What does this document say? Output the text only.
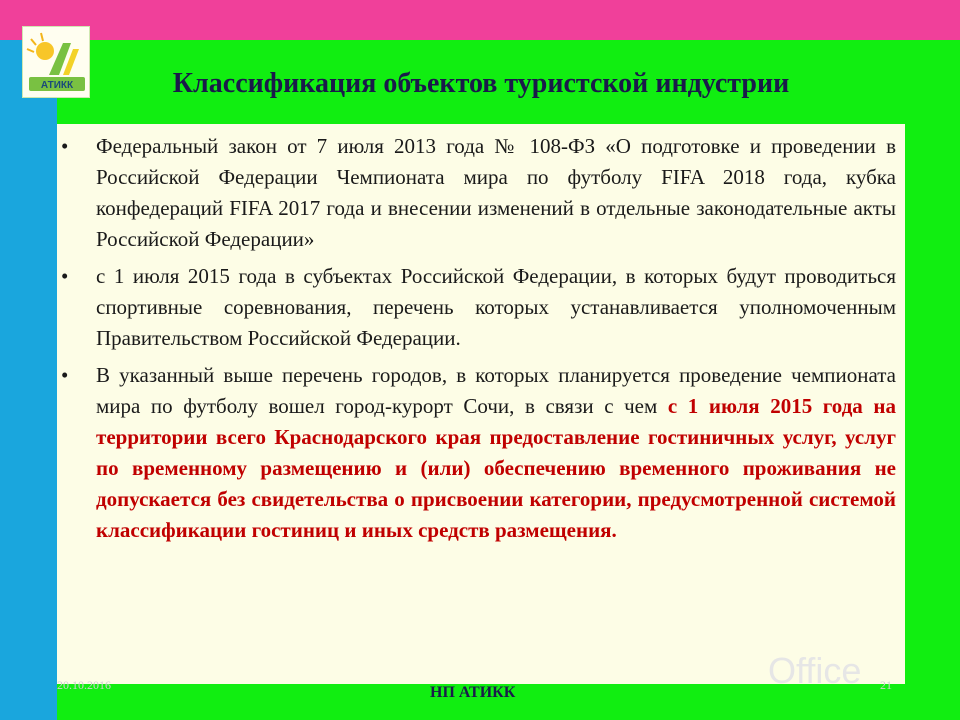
АТИКК	Классификация объектов туристской индустрии
• Федеральный закон от 7 июля 2013 года № 108-ФЗ «О подготовке и проведении в Российской Федерации Чемпионата мира по футболу FIFA 2018 года, кубка конфедераций FIFA 2017 года и внесении изменений в отдельные законодательные акты Российской Федерации»
• с 1 июля 2015 года в субъектах Российской Федерации, в которых будут проводиться спортивные соревнования, перечень которых устанавливается уполномоченным Правительством Российской Федерации.
• В указанный выше перечень городов, в которых планируется проведение чемпионата мира по футболу вошел город-курорт Сочи, в связи с чем с 1 июля 2015 года на территории всего Краснодарского края предоставление гостиничных услуг, услуг по временному размещению и (или) обеспечению временного проживания не допускается без свидетельства о присвоении категории, предусмотренной системой классификации гостиниц и иных средств размещения.
Office
20.10.2016	НП АТИКК	21
